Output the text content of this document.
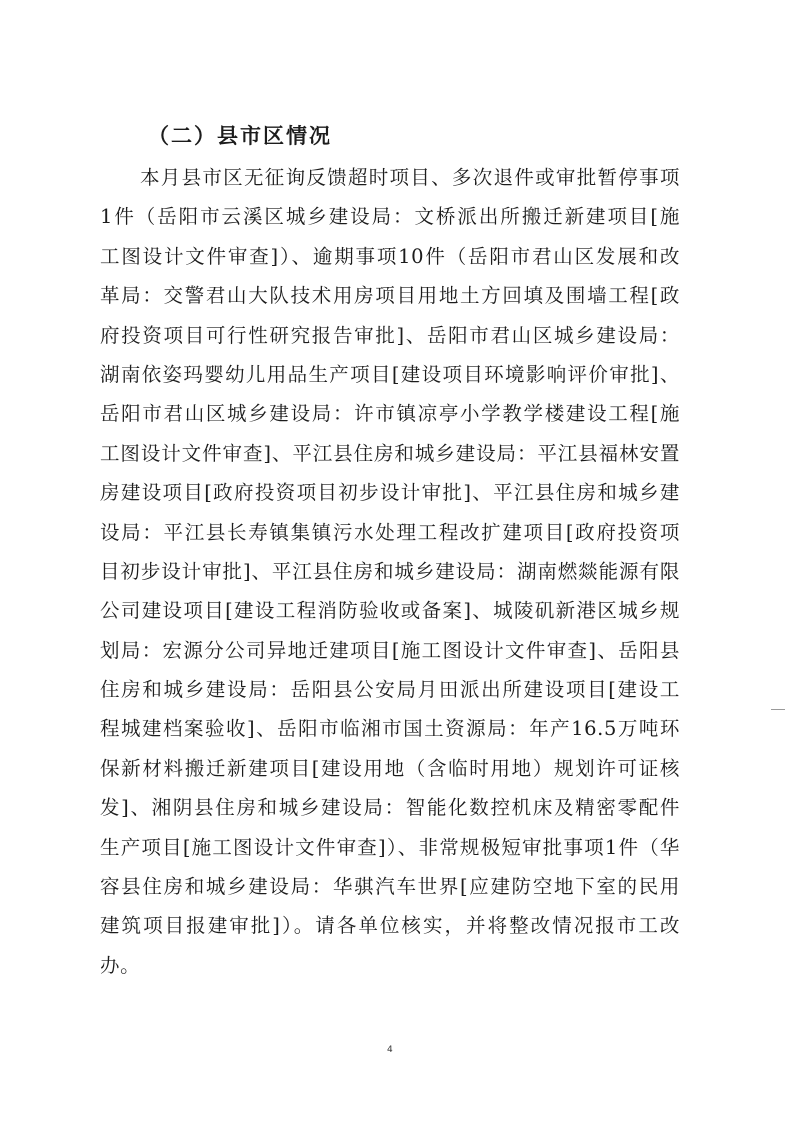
（二）县市区情况
本月县市区无征询反馈超时项目、多次退件或审批暂停事项
1件（岳阳市云溪区城乡建设局：文桥派出所搬迁新建项目[施
工图设计文件审查]）、逾期事项10件（岳阳市君山区发展和改
革局：交警君山大队技术用房项目用地土方回填及围墙工程[政
府投资项目可行性研究报告审批]、岳阳市君山区城乡建设局：
湖南依姿玛婴幼儿用品生产项目[建设项目环境影响评价审批]、
岳阳市君山区城乡建设局：许市镇凉亭小学教学楼建设工程[施
工图设计文件审查]、平江县住房和城乡建设局：平江县福林安置
房建设项目[政府投资项目初步设计审批]、平江县住房和城乡建
设局：平江县长寿镇集镇污水处理工程改扩建项目[政府投资项
目初步设计审批]、平江县住房和城乡建设局：湖南燃燚能源有限
公司建设项目[建设工程消防验收或备案]、城陵矶新港区城乡规
划局：宏源分公司异地迁建项目[施工图设计文件审查]、岳阳县
住房和城乡建设局：岳阳县公安局月田派出所建设项目[建设工
程城建档案验收]、岳阳市临湘市国土资源局：年产16.5万吨环
保新材料搬迁新建项目[建设用地（含临时用地）规划许可证核
发]、湘阴县住房和城乡建设局：智能化数控机床及精密零配件
生产项目[施工图设计文件审查]）、非常规极短审批事项1件（华
容县住房和城乡建设局：华骐汽车世界[应建防空地下室的民用
建筑项目报建审批]）。请各单位核实，并将整改情况报市工改
办。
4
